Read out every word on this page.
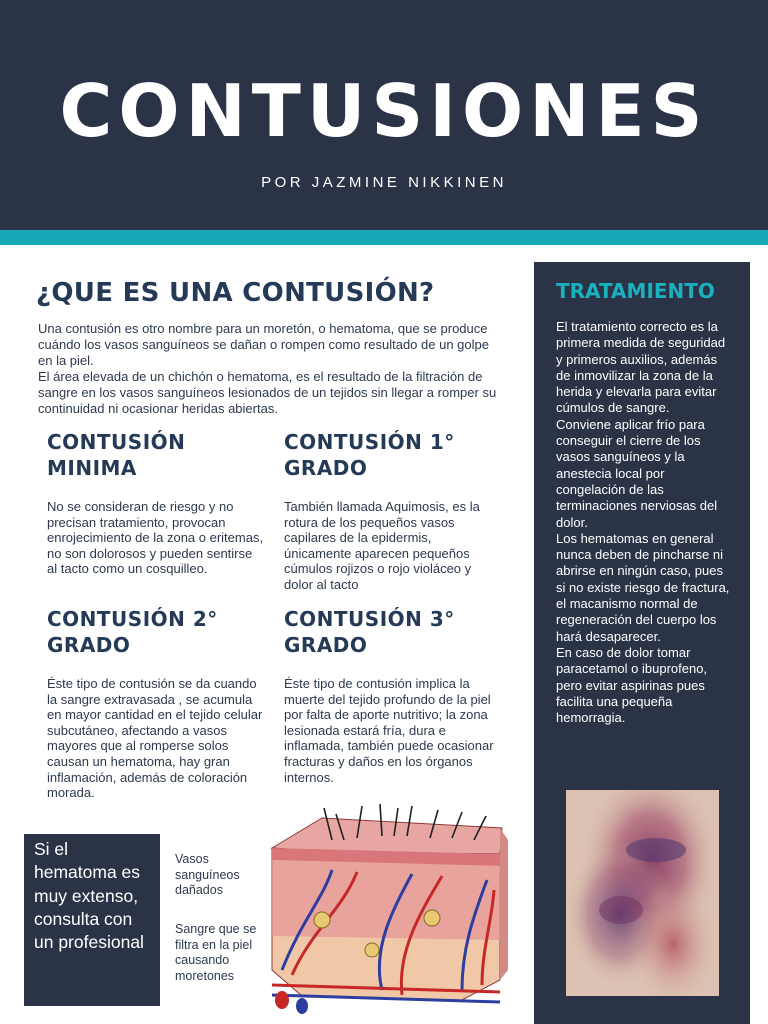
CONTUSIONES
POR JAZMINE NIKKINEN
¿QUE ES UNA CONTUSIÓN?

Una contusión es otro nombre para un moretón, o hematoma, que se produce cuándo los vasos sanguíneos se dañan o rompen como resultado de un golpe en la piel.

El área elevada de un chichón o hematoma, es el resultado de la filtración de sangre en los vasos sanguíneos lesionados de un tejidos sin llegar a romper su continuidad ni ocasionar heridas abiertas.

CONTUSIÓN MINIMA
No se consideran de riesgo y no precisan tratamiento, provocan enrojecimiento de la zona o eritemas, no son dolorosos y pueden sentirse al tacto como un cosquilleo.
CONTUSIÓN 1° GRADO
También llamada Aquimosis, es la rotura de los pequeños vasos capilares de la epidermis, únicamente aparecen pequeños cúmulos rojizos o rojo violáceo y dolor al tacto
CONTUSIÓN 2° GRADO
Éste tipo de contusión se da cuando la sangre extravasada , se acumula en mayor cantidad en el tejido celular subcutáneo, afectando a vasos mayores que al romperse solos causan un hematoma, hay gran inflamación, además de coloración morada.
CONTUSIÓN 3° GRADO
Éste tipo de contusión implica la muerte del tejido profundo de la piel por falta de aporte nutritivo; la zona lesionada estará fría, dura e inflamada, también puede ocasionar fracturas y daños en los órganos internos.
TRATAMIENTO

El tratamiento correcto es la primera medida de seguridad y primeros auxilios, además de inmovilizar la zona de la herida y elevarla para evitar cúmulos de sangre.

Conviene aplicar frío para conseguir el cierre de los vasos sanguíneos y la anestecia local por congelación de las terminaciones nerviosas del dolor.

Los hematomas en general nunca deben de pincharse ni abrirse en ningún caso, pues si no existe riesgo de fractura, el macanismo normal de regeneración del cuerpo los hará desaparecer.

En caso de dolor tomar paracetamol o ibuprofeno, pero evitar aspirinas pues facilita una pequeña hemorragia.

Si el hematoma es muy extenso, consulta con un profesional
Vasos sanguíneos dañados
Sangre que se filtra en la piel causando moretones
